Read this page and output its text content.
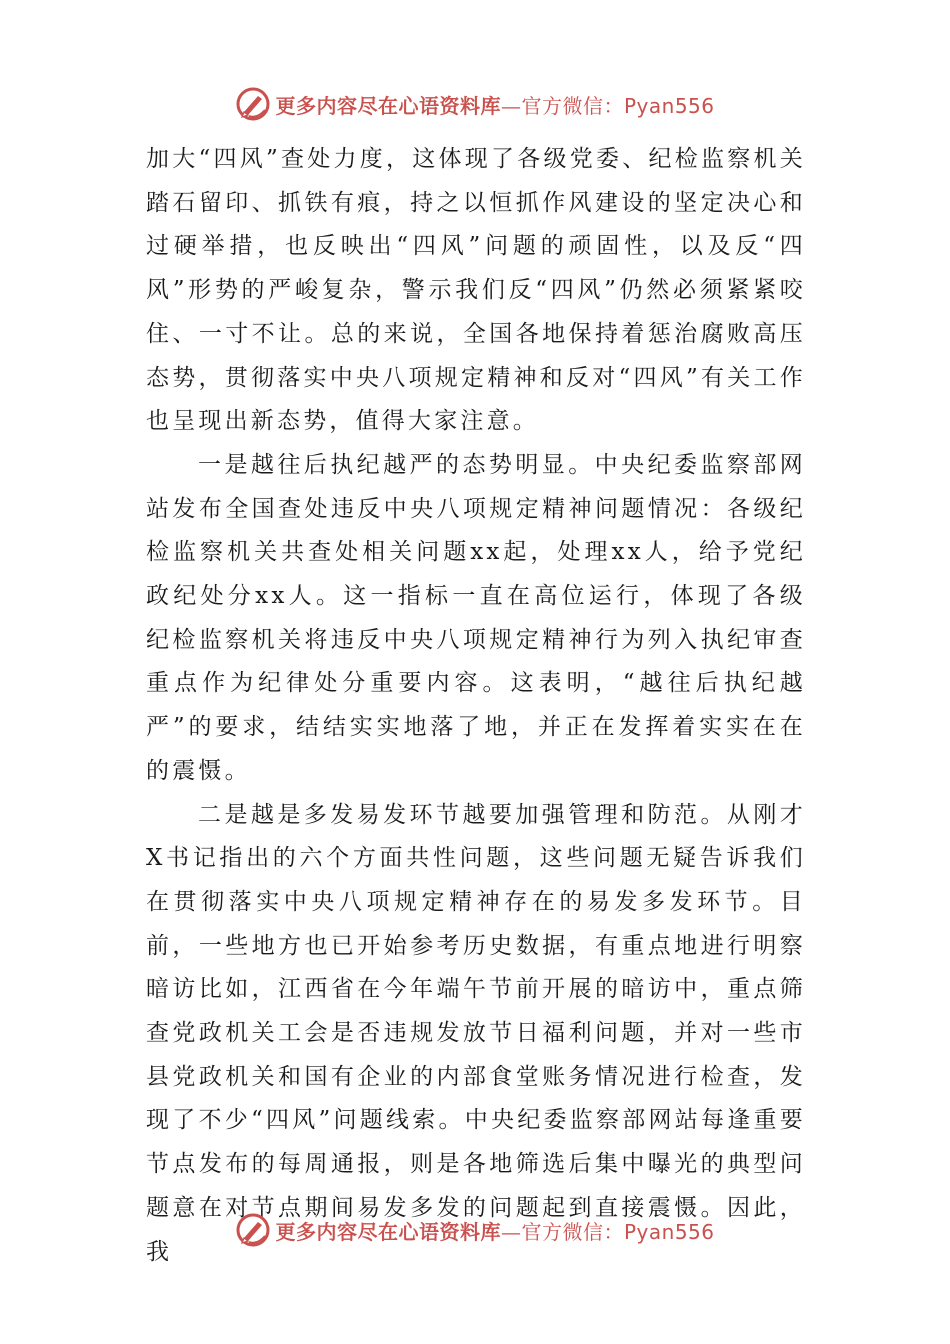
更多内容尽在心语资料库—官方微信：Pyan556

加大“四风”查处力度，这体现了各级党委、纪检监察机关踏石留印、抓铁有痕，持之以恒抓作风建设的坚定决心和过硬举措，也反映出“四风”问题的顽固性，以及反“四风”形势的严峻复杂，警示我们反“四风”仍然必须紧紧咬住、一寸不让。总的来说，全国各地保持着惩治腐败高压态势，贯彻落实中央八项规定精神和反对“四风”有关工作也呈现出新态势，值得大家注意。

一是越往后执纪越严的态势明显。中央纪委监察部网站发布全国查处违反中央八项规定精神问题情况：各级纪检监察机关共查处相关问题xx起，处理xx人，给予党纪政纪处分xx人。这一指标一直在高位运行，体现了各级纪检监察机关将违反中央八项规定精神行为列入执纪审查重点作为纪律处分重要内容。这表明，“越往后执纪越严”的要求，结结实实地落了地，并正在发挥着实实在在的震慑。

二是越是多发易发环节越要加强管理和防范。从刚才X书记指出的六个方面共性问题，这些问题无疑告诉我们在贯彻落实中央八项规定精神存在的易发多发环节。目前，一些地方也已开始参考历史数据，有重点地进行明察暗访比如，江西省在今年端午节前开展的暗访中，重点筛查党政机关工会是否违规发放节日福利问题，并对一些市县党政机关和国有企业的内部食堂账务情况进行检查，发现了不少“四风”问题线索。中央纪委监察部网站每逢重要节点发布的每周通报，则是各地筛选后集中曝光的典型问题意在对节点期间易发多发的问题起到直接震慑。因此，我

更多内容尽在心语资料库—官方微信：Pyan556
